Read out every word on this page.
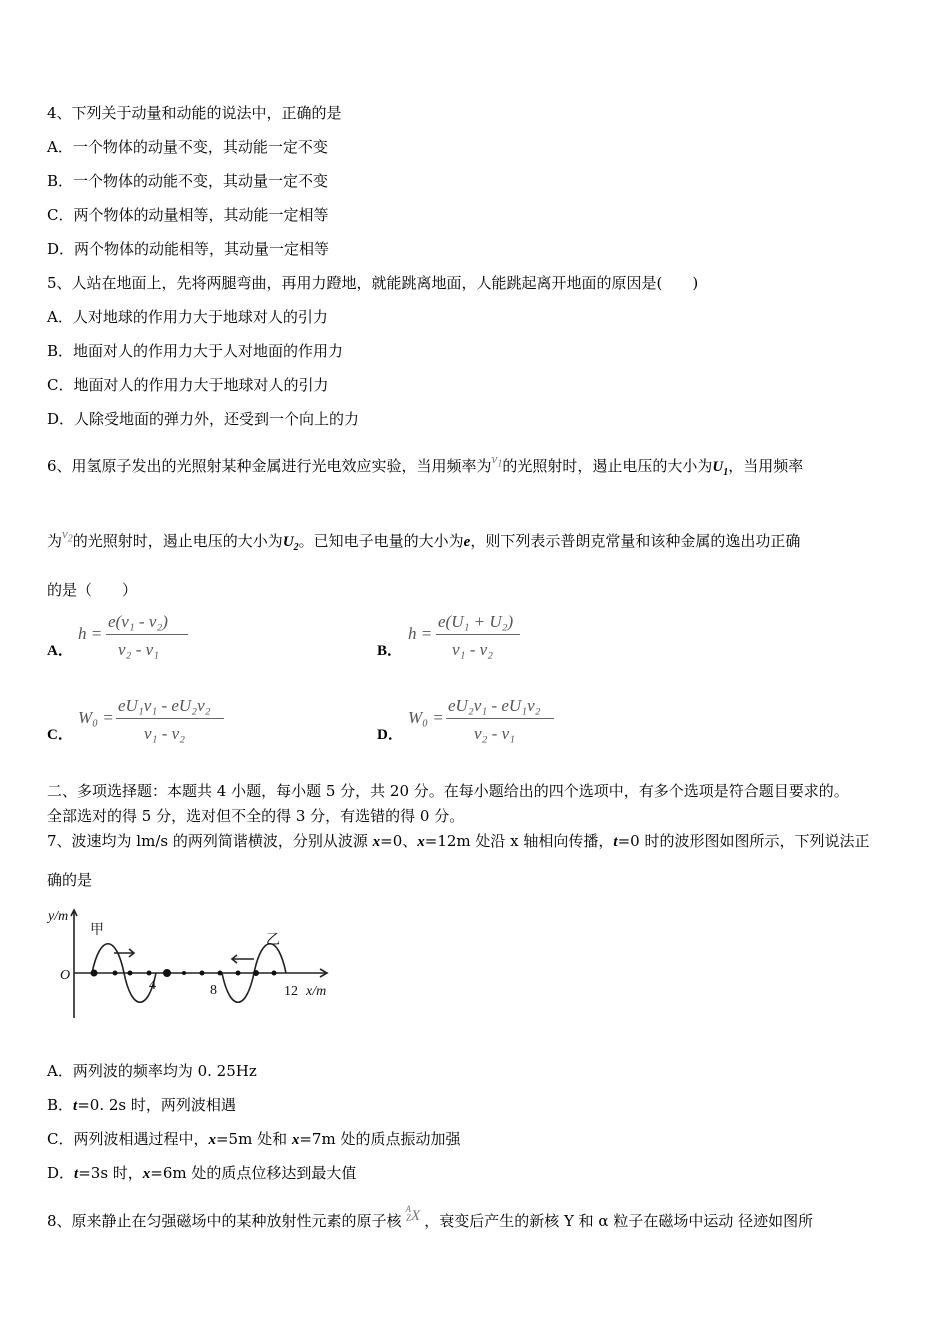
4、下列关于动量和动能的说法中，正确的是
A．一个物体的动量不变，其动能一定不变
B．一个物体的动能不变，其动量一定不变
C．两个物体的动量相等，其动能一定相等
D．两个物体的动能相等，其动量一定相等
5、人站在地面上，先将两腿弯曲，再用力蹬地，就能跳离地面，人能跳起离开地面的原因是(　　)
A．人对地球的作用力大于地球对人的引力
B．地面对人的作用力大于人对地面的作用力
C．地面对人的作用力大于地球对人的引力
D．人除受地面的弹力外，还受到一个向上的力
6、用氢原子发出的光照射某种金属进行光电效应实验，当用频率为$\nu_1$的光照射时，遏止电压的大小为$U_1$，当用频率
为$\nu_2$的光照射时，遏止电压的大小为$U_2$。已知电子电量的大小为e，则下列表示普朗克常量和该种金属的逸出功正确
的是（　　）
A．
h =
e(ν₁ - ν₂)
ν₂ - ν₁	B．
h =
e(U₁ + U₂)
ν₁ - ν₂
C．
W₀ =
eU₁ν₁ - eU₂ν₂
ν₁ - ν₂	D．
W₀ =
eU₂ν₁ - eU₁ν₂
ν₂ - ν₁
二、多项选择题：本题共 4 小题，每小题 5 分，共 20 分。在每小题给出的四个选项中，有多个选项是符合题目要求的。
全部选对的得 5 分，选对但不全的得 3 分，有选错的得 0 分。
7、波速均为 lm/s 的两列简谐横波，分别从波源 x=0、x=12m 处沿 x 轴相向传播，t=0 时的波形图如图所示，下列说法正
确的是
y/m
O
甲
乙
4	8	12 x/m
A．两列波的频率均为 0. 25Hz
B．t=0. 2s 时，两列波相遇
C．两列波相遇过程中，x=5m 处和 x=7m 处的质点振动加强
D．t=3s 时，x=6m 处的质点位移达到最大值
8、原来静止在匀强磁场中的某种放射性元素的原子核A
ZX ，衰变后产生的新核 Y 和 α 粒子在磁场中运动 径迹如图所
